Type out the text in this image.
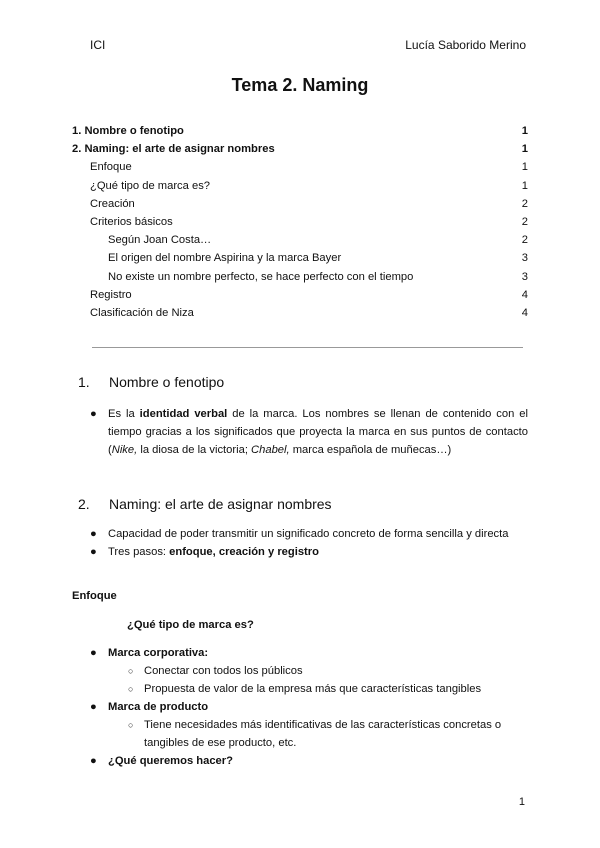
ICI	Lucía Saborido Merino
Tema 2. Naming
1. Nombre o fenotipo	1
2. Naming: el arte de asignar nombres	1
Enfoque	1
¿Qué tipo de marca es?	1
Creación	2
Criterios básicos	2
Según Joan Costa…	2
El origen del nombre Aspirina y la marca Bayer	3
No existe un nombre perfecto, se hace perfecto con el tiempo	3
Registro	4
Clasificación de Niza	4
1. Nombre o fenotipo
● Es la identidad verbal de la marca. Los nombres se llenan de contenido con el tiempo gracias a los significados que proyecta la marca en sus puntos de contacto (Nike, la diosa de la victoria; Chabel, marca española de muñecas…)
2. Naming: el arte de asignar nombres
● Capacidad de poder transmitir un significado concreto de forma sencilla y directa
● Tres pasos: enfoque, creación y registro
Enfoque
¿Qué tipo de marca es?
● Marca corporativa:
○ Conectar con todos los públicos
○ Propuesta de valor de la empresa más que características tangibles
● Marca de producto
○ Tiene necesidades más identificativas de las características concretas o tangibles de ese producto, etc.
● ¿Qué queremos hacer?
1
